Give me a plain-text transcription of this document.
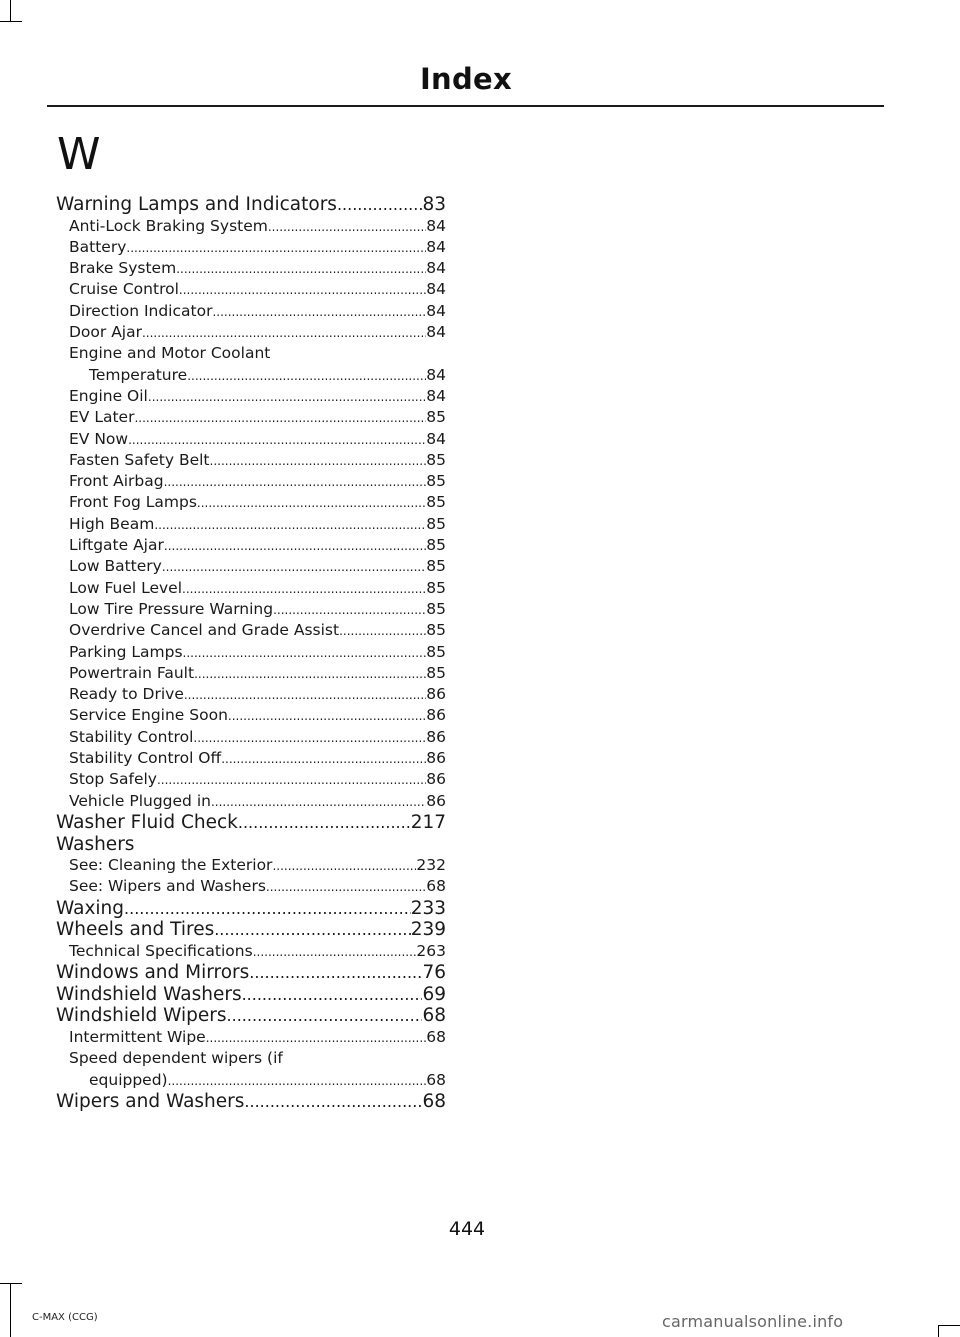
Index
W
Warning Lamps and Indicators .....	83
Anti-Lock Braking System .....	84
Battery .....	84
Brake System .....	84
Cruise Control .....	84
Direction Indicator .....	84
Door Ajar .....	84
Engine and Motor Coolant
Temperature .....	84
Engine Oil .....	84
EV Later .....	85
EV Now .....	84
Fasten Safety Belt .....	85
Front Airbag .....	85
Front Fog Lamps .....	85
High Beam .....	85
Liftgate Ajar .....	85
Low Battery .....	85
Low Fuel Level .....	85
Low Tire Pressure Warning .....	85
Overdrive Cancel and Grade Assist .....	85
Parking Lamps .....	85
Powertrain Fault .....	85
Ready to Drive .....	86
Service Engine Soon .....	86
Stability Control .....	86
Stability Control Off .....	86
Stop Safely .....	86
Vehicle Plugged in .....	86
Washer Fluid Check .....	217
Washers
See: Cleaning the Exterior .....	232
See: Wipers and Washers .....	68
Waxing .....	233
Wheels and Tires .....	239
Technical Specifications .....	263
Windows and Mirrors .....	76
Windshield Washers .....	69
Windshield Wipers .....	68
Intermittent Wipe .....	68
Speed dependent wipers (if
equipped) .....	68
Wipers and Washers .....	68
444
C-MAX (CCG)	carmanualsonline.info
